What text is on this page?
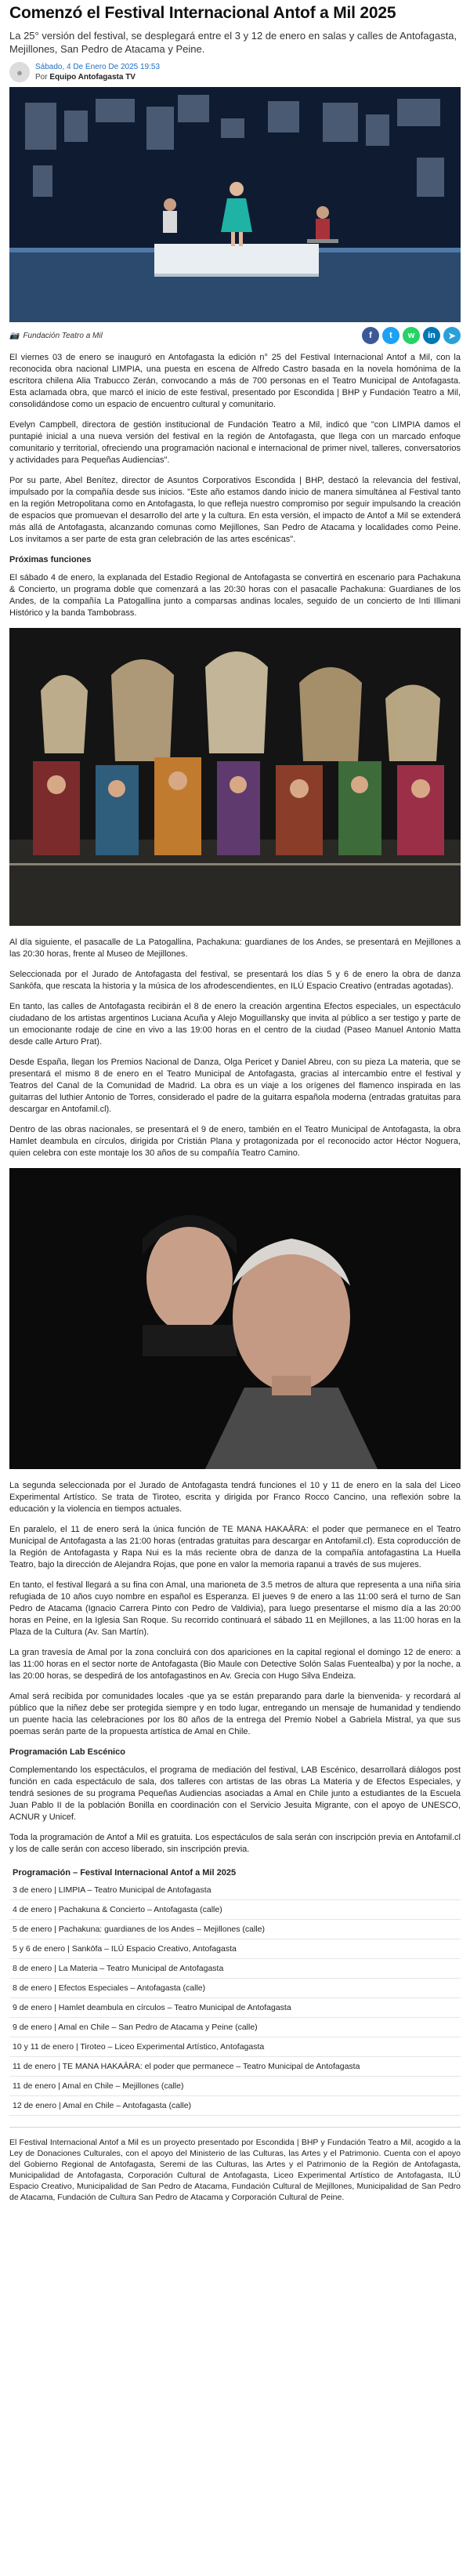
Comenzó el Festival Internacional Antof a Mil 2025
La 25° versión del festival, se desplegará entre el 3 y 12 de enero en salas y calles de Antofagasta, Mejillones, San Pedro de Atacama y Peine.
●	Sábado, 4 De Enero De 2025 19:53
Por Equipo Antofagasta TV
📷 Fundación Teatro a Mil	f	t	w	in	➤

El viernes 03 de enero se inauguró en Antofagasta la edición n° 25 del Festival Internacional Antof a Mil, con la reconocida obra nacional LIMPIA, una puesta en escena de Alfredo Castro basada en la novela homónima de la escritora chilena Alia Trabucco Zerán, convocando a más de 700 personas en el Teatro Municipal de Antofagasta. Esta aclamada obra, que marcó el inicio de este festival, presentado por Escondida | BHP y Fundación Teatro a Mil, consolidándose como un espacio de encuentro cultural y comunitario.

Evelyn Campbell, directora de gestión institucional de Fundación Teatro a Mil, indicó que "con LIMPIA damos el puntapié inicial a una nueva versión del festival en la región de Antofagasta, que llega con un marcado enfoque comunitario y territorial, ofreciendo una programación nacional e internacional de primer nivel, talleres, conversatorios y actividades para Pequeñas Audiencias".

Por su parte, Abel Benítez, director de Asuntos Corporativos Escondida | BHP, destacó la relevancia del festival, impulsado por la compañía desde sus inicios. "Este año estamos dando inicio de manera simultánea al Festival tanto en la región Metropolitana como en Antofagasta, lo que refleja nuestro compromiso por seguir impulsando la creación de espacios que promuevan el desarrollo del arte y la cultura. En esta versión, el impacto de Antof a Mil se extenderá más allá de Antofagasta, alcanzando comunas como Mejillones, San Pedro de Atacama y localidades como Peine. Los invitamos a ser parte de esta gran celebración de las artes escénicas".

Próximas funciones

El sábado 4 de enero, la explanada del Estadio Regional de Antofagasta se convertirá en escenario para Pachakuna & Concierto, un programa doble que comenzará a las 20:30 horas con el pasacalle Pachakuna: Guardianes de los Andes, de la compañía La Patogallina junto a comparsas andinas locales, seguido de un concierto de Inti Illimani Histórico y la banda Tambobrass.

Al día siguiente, el pasacalle de La Patogallina, Pachakuna: guardianes de los Andes, se presentará en Mejillones a las 20:30 horas, frente al Museo de Mejillones.

Seleccionada por el Jurado de Antofagasta del festival, se presentará los días 5 y 6 de enero la obra de danza Sankōfa, que rescata la historia y la música de los afrodescendientes, en ILÚ Espacio Creativo (entradas agotadas).

En tanto, las calles de Antofagasta recibirán el 8 de enero la creación argentina Efectos especiales, un espectáculo ciudadano de los artistas argentinos Luciana Acuña y Alejo Moguillansky que invita al público a ser testigo y parte de un emocionante rodaje de cine en vivo a las 19:00 horas en el centro de la ciudad (Paseo Manuel Antonio Matta desde calle Arturo Prat).

Desde España, llegan los Premios Nacional de Danza, Olga Pericet y Daniel Abreu, con su pieza La materia, que se presentará el mismo 8 de enero en el Teatro Municipal de Antofagasta, gracias al intercambio entre el festival y Teatros del Canal de la Comunidad de Madrid. La obra es un viaje a los orígenes del flamenco inspirada en las guitarras del luthier Antonio de Torres, considerado el padre de la guitarra española moderna (entradas gratuitas para descargar en Antofamil.cl).

Dentro de las obras nacionales, se presentará el 9 de enero, también en el Teatro Municipal de Antofagasta, la obra Hamlet deambula en círculos, dirigida por Cristián Plana y protagonizada por el reconocido actor Héctor Noguera, quien celebra con este montaje los 30 años de su compañía Teatro Camino.

La segunda seleccionada por el Jurado de Antofagasta tendrá funciones el 10 y 11 de enero en la sala del Liceo Experimental Artístico. Se trata de Tiroteo, escrita y dirigida por Franco Rocco Cancino, una reflexión sobre la educación y la violencia en tiempos actuales.

En paralelo, el 11 de enero será la única función de TE MANA HAKAĀRA: el poder que permanece en el Teatro Municipal de Antofagasta a las 21:00 horas (entradas gratuitas para descargar en Antofamil.cl). Esta coproducción de la Región de Antofagasta y Rapa Nui es la más reciente obra de danza de la compañía antofagastina La Huella Teatro, bajo la dirección de Alejandra Rojas, que pone en valor la memoria rapanui a través de sus mujeres.

En tanto, el festival llegará a su fina con Amal, una marioneta de 3.5 metros de altura que representa a una niña siria refugiada de 10 años cuyo nombre en español es Esperanza. El jueves 9 de enero a las 11:00 será el turno de San Pedro de Atacama (Ignacio Carrera Pinto con Pedro de Valdivia), para luego presentarse el mismo día a las 20:00 horas en Peine, en la Iglesia San Roque. Su recorrido continuará el sábado 11 en Mejillones, a las 11:00 horas en la Plaza de la Cultura (Av. San Martín).

La gran travesía de Amal por la zona concluirá con dos apariciones en la capital regional el domingo 12 de enero: a las 11:00 horas en el sector norte de Antofagasta (Bio Maule con Detective Solón Salas Fuentealba) y por la noche, a las 20:00 horas, se despedirá de los antofagastinos en Av. Grecia con Hugo Silva Endeiza.

Amal será recibida por comunidades locales -que ya se están preparando para darle la bienvenida- y recordará al público que la niñez debe ser protegida siempre y en todo lugar, entregando un mensaje de humanidad y tendiendo un puente hacia las celebraciones por los 80 años de la entrega del Premio Nobel a Gabriela Mistral, ya que sus poemas serán parte de la propuesta artística de Amal en Chile.

Programación Lab Escénico

Complementando los espectáculos, el programa de mediación del festival, LAB Escénico, desarrollará diálogos post función en cada espectáculo de sala, dos talleres con artistas de las obras La Materia y de Efectos Especiales, y tendrá sesiones de su programa Pequeñas Audiencias asociadas a Amal en Chile junto a estudiantes de la Escuela Juan Pablo II de la población Bonilla en coordinación con el Servicio Jesuita Migrante, con el apoyo de UNESCO, ACNUR y Unicef.

Toda la programación de Antof a Mil es gratuita. Los espectáculos de sala serán con inscripción previa en Antofamil.cl y los de calle serán con acceso liberado, sin inscripción previa.

Programación – Festival Internacional Antof a Mil 2025
3 de enero | LIMPIA – Teatro Municipal de Antofagasta
4 de enero | Pachakuna & Concierto – Antofagasta (calle)
5 de enero | Pachakuna: guardianes de los Andes – Mejillones (calle)
5 y 6 de enero | Sankōfa – ILÚ Espacio Creativo, Antofagasta
8 de enero | La Materia – Teatro Municipal de Antofagasta
8 de enero | Efectos Especiales – Antofagasta (calle)
9 de enero | Hamlet deambula en círculos – Teatro Municipal de Antofagasta
9 de enero | Amal en Chile – San Pedro de Atacama y Peine (calle)
10 y 11 de enero | Tiroteo – Liceo Experimental Artístico, Antofagasta
11 de enero | TE MANA HAKAĀRA: el poder que permanece – Teatro Municipal de Antofagasta
11 de enero | Amal en Chile – Mejillones (calle)
12 de enero | Amal en Chile – Antofagasta (calle)

El Festival Internacional Antof a Mil es un proyecto presentado por Escondida | BHP y Fundación Teatro a Mil, acogido a la Ley de Donaciones Culturales, con el apoyo del Ministerio de las Culturas, las Artes y el Patrimonio. Cuenta con el apoyo del Gobierno Regional de Antofagasta, Seremi de las Culturas, las Artes y el Patrimonio de la Región de Antofagasta, Municipalidad de Antofagasta, Corporación Cultural de Antofagasta, Liceo Experimental Artístico de Antofagasta, ILÚ Espacio Creativo, Municipalidad de San Pedro de Atacama, Fundación Cultural de Mejillones, Municipalidad de San Pedro de Atacama, Fundación de Cultura San Pedro de Atacama y Corporación Cultural de Peine.
